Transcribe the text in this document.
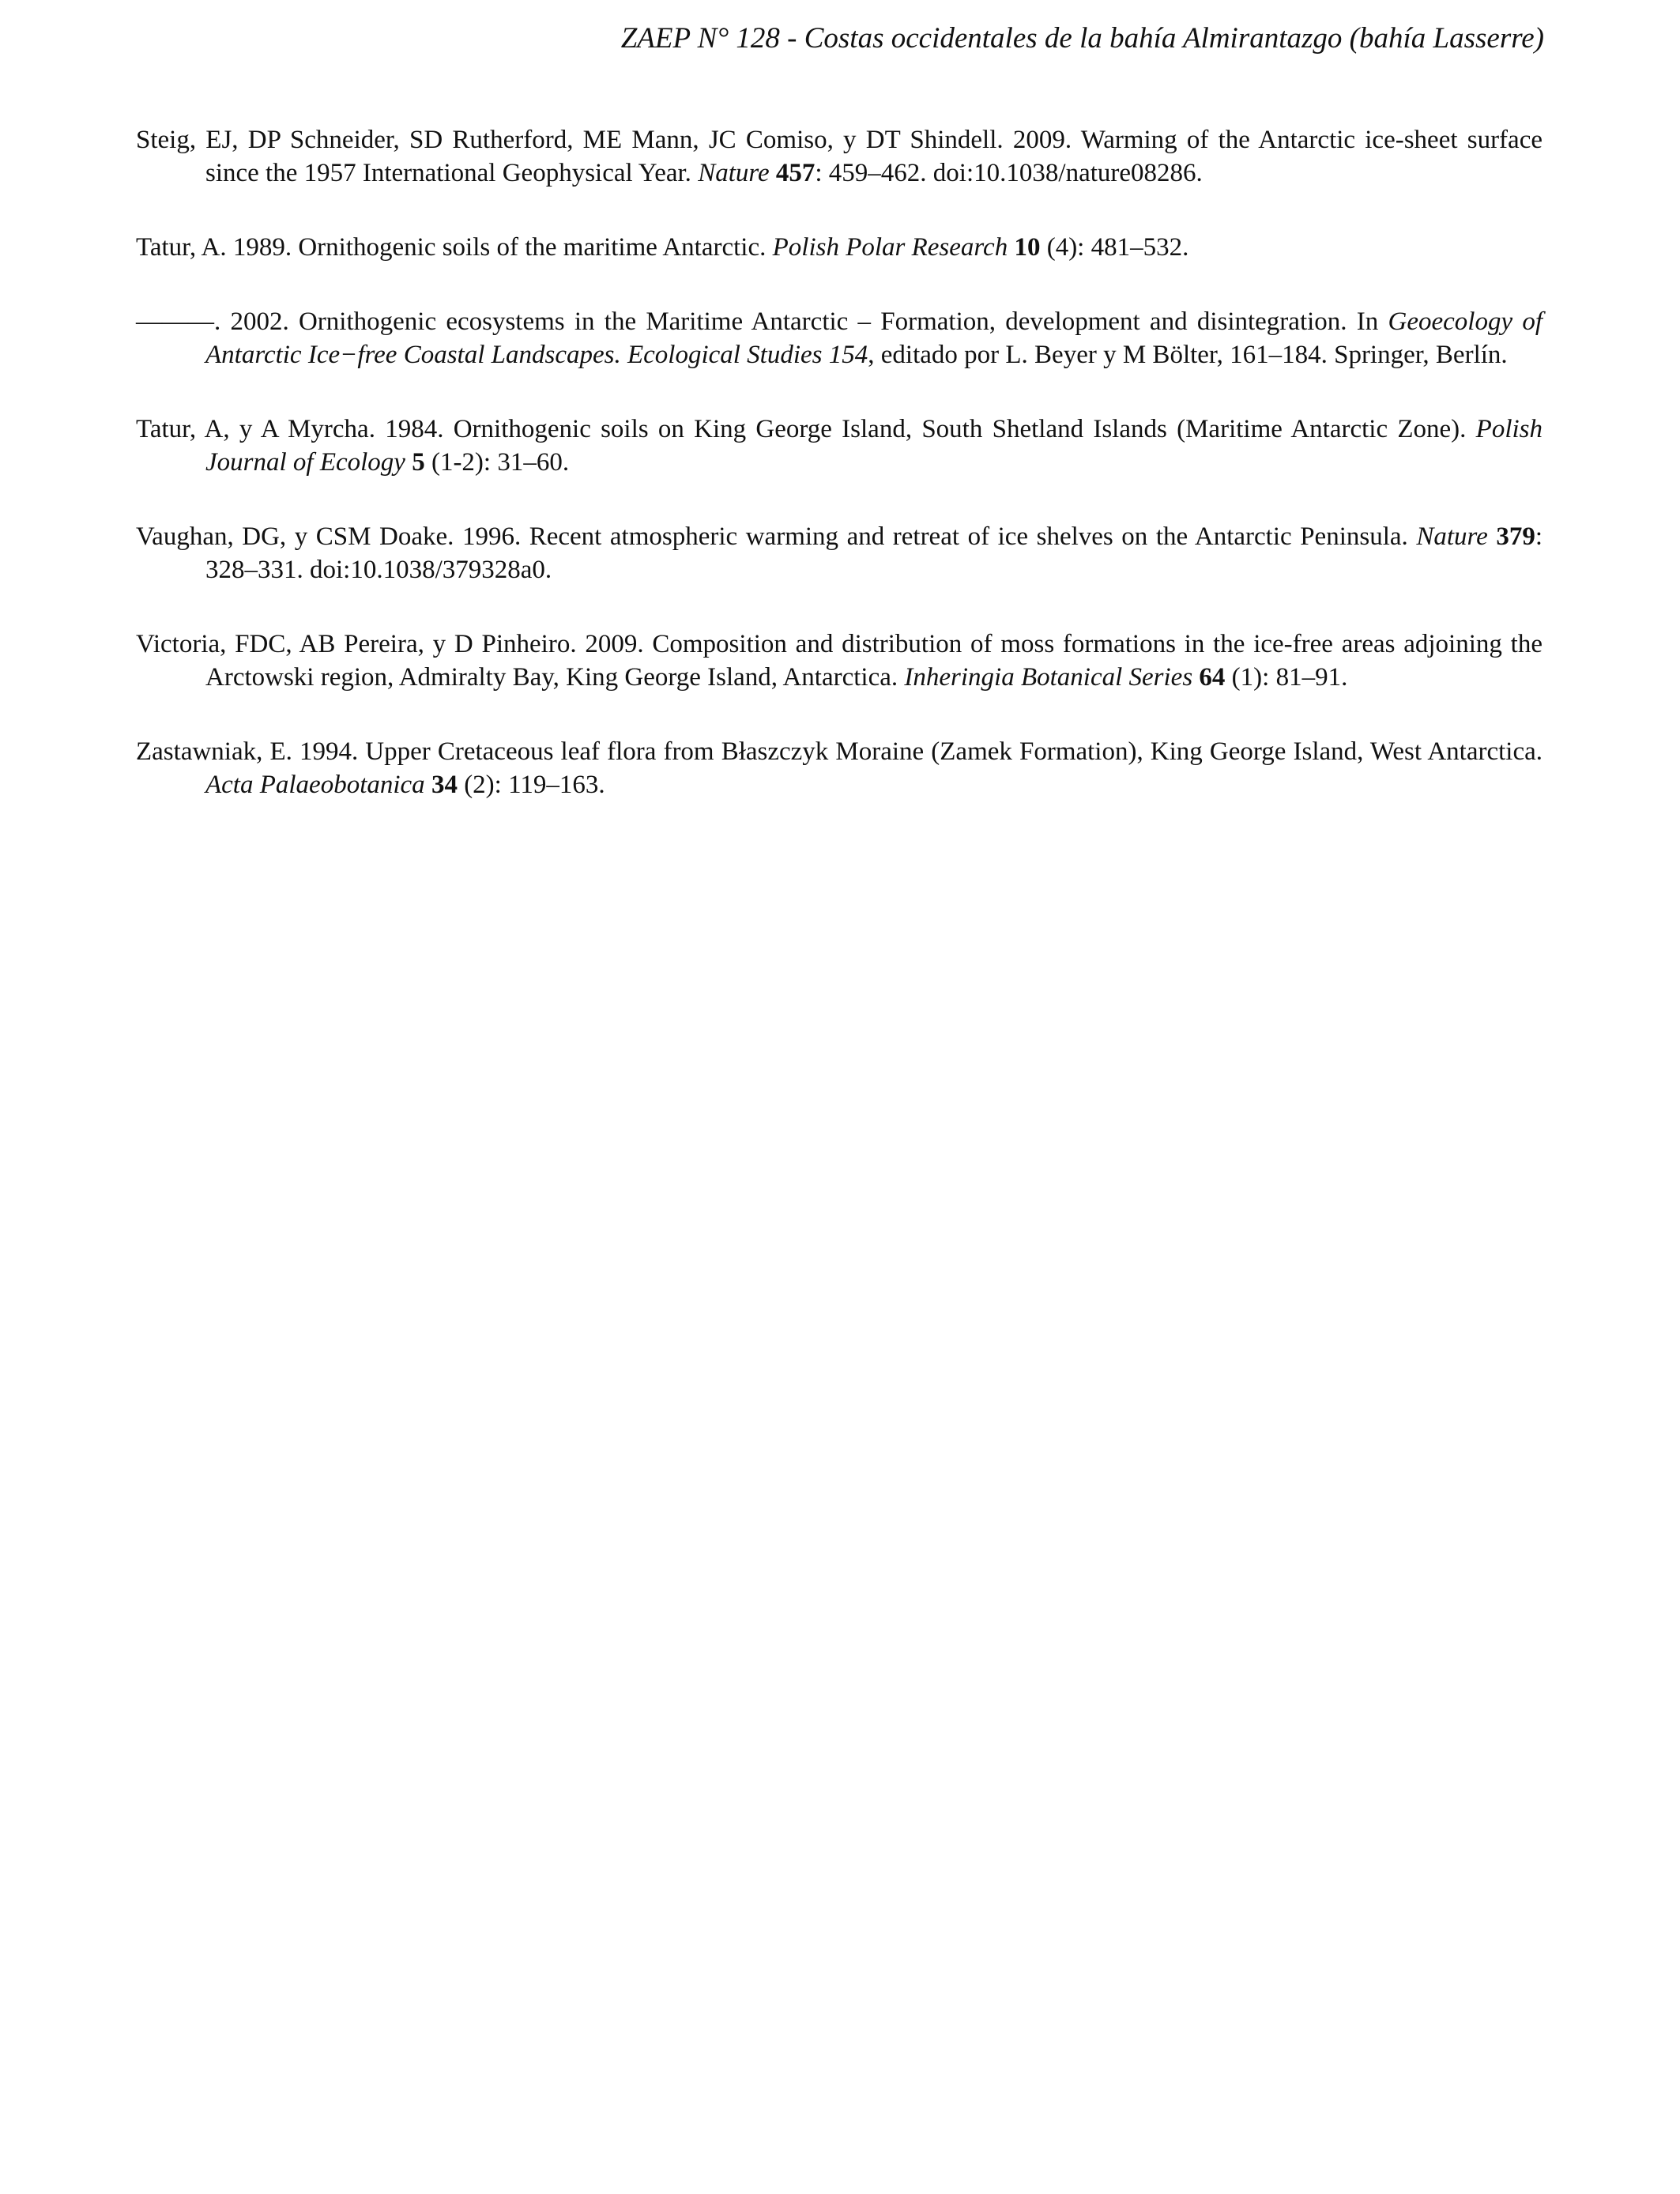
ZAEP N° 128 - Costas occidentales de la bahía Almirantazgo (bahía Lasserre)

Steig, EJ, DP Schneider, SD Rutherford, ME Mann, JC Comiso, y DT Shindell. 2009. Warming of the Antarctic ice-sheet surface since the 1957 International Geophysical Year. Nature 457: 459–462. doi:10.1038/nature08286.

Tatur, A. 1989. Ornithogenic soils of the maritime Antarctic. Polish Polar Research 10 (4): 481–532.

———. 2002. Ornithogenic ecosystems in the Maritime Antarctic – Formation, development and disintegration. In Geoecology of Antarctic Ice−free Coastal Landscapes. Ecological Studies 154, editado por L. Beyer y M Bölter, 161–184. Springer, Berlín.

Tatur, A, y A Myrcha. 1984. Ornithogenic soils on King George Island, South Shetland Islands (Maritime Antarctic Zone). Polish Journal of Ecology 5 (1-2): 31–60.

Vaughan, DG, y CSM Doake. 1996. Recent atmospheric warming and retreat of ice shelves on the Antarctic Peninsula. Nature 379: 328–331. doi:10.1038/379328a0.

Victoria, FDC, AB Pereira, y D Pinheiro. 2009. Composition and distribution of moss formations in the ice-free areas adjoining the Arctowski region, Admiralty Bay, King George Island, Antarctica. Inheringia Botanical Series 64 (1): 81–91.

Zastawniak, E. 1994. Upper Cretaceous leaf flora from Błaszczyk Moraine (Zamek Formation), King George Island, West Antarctica. Acta Palaeobotanica 34 (2): 119–163.
